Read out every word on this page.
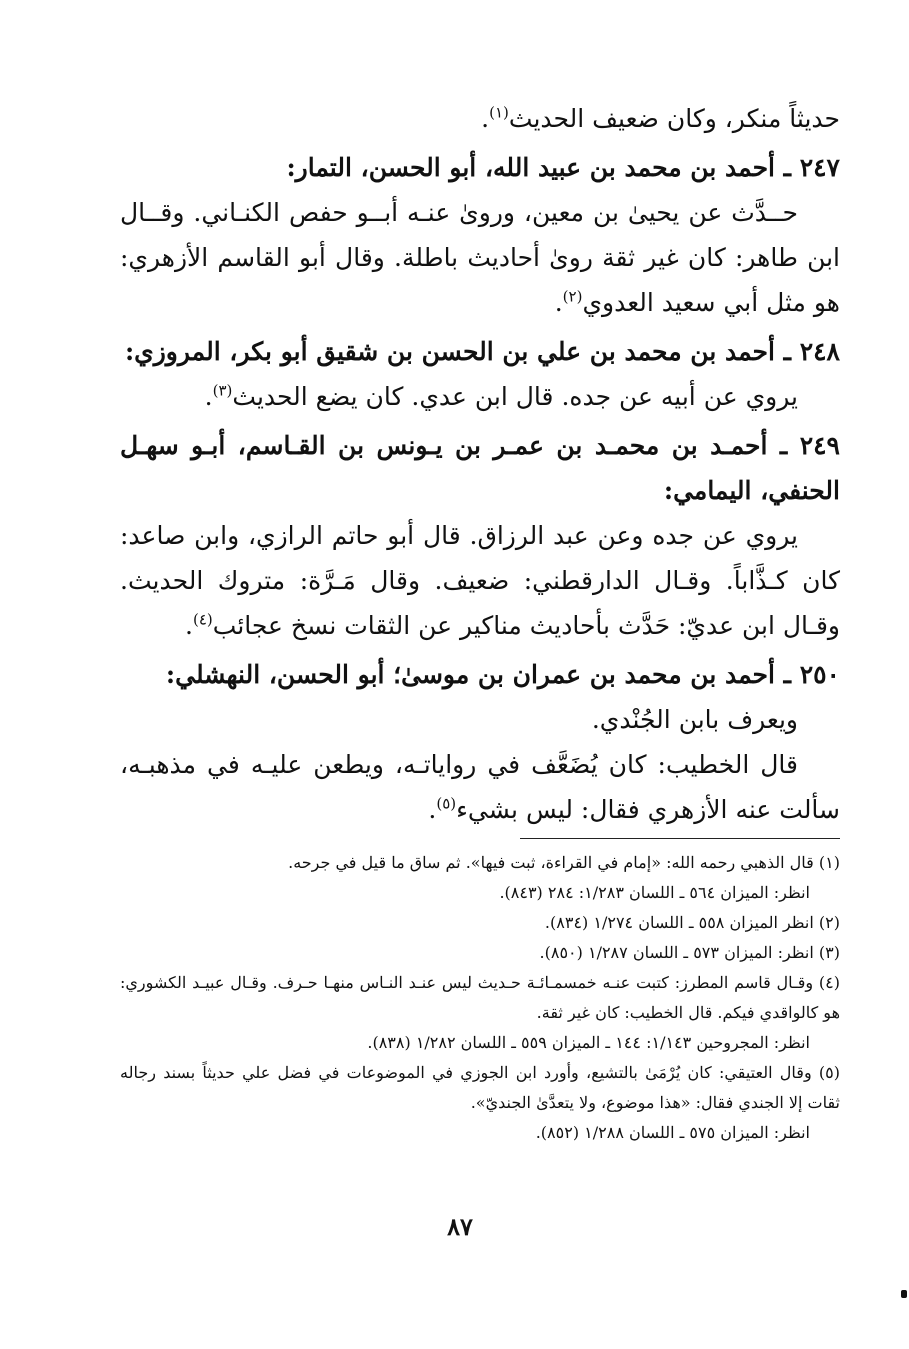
حديثاً منكر، وكان ضعيف الحديث$^{(١)}$.

٢٤٧ ـ أحمد بن محمد بن عبيد الله، أبو الحسن، التمار:

حــدَّث عن يحيىٰ بن معين، وروىٰ عنـه أبــو حفص الكنـاني. وقــال ابن طاهر: كان غير ثقة روىٰ أحاديث باطلة. وقال أبو القاسم الأزهري: هو مثل أبي سعيد العدوي$^{(٢)}$.

٢٤٨ ـ أحمد بن محمد بن علي بن الحسن بن شقيق أبو بكر، المروزي:

يروي عن أبيه عن جده. قال ابن عدي. كان يضع الحديث$^{(٣)}$.

٢٤٩ ـ أحمـد بن محمـد بن عمـر بن يـونس بن القـاسم، أبـو سهـل الحنفي، اليمامي:

يروي عن جده وعن عبد الرزاق. قال أبو حاتم الرازي، وابن صاعد: كان كـذَّاباً. وقـال الدارقطني: ضعيف. وقال مَـرَّة: متروك الحديث. وقـال ابن عديّ: حَدَّث بأحاديث مناكير عن الثقات نسخ عجائب$^{(٤)}$.

٢٥٠ ـ أحمد بن محمد بن عمران بن موسىٰ؛ أبو الحسن، النهشلي:

ويعرف بابن الجُنْدي.

قال الخطيب: كان يُضَعَّف في رواياتـه، ويطعن عليـه في مذهبـه، سألت عنه الأزهري فقال: ليس بشيء$^{(٥)}$.

(١) قال الذهبي رحمه الله: «إمام في القراءة، ثبت فيها». ثم ساق ما قيل في جرحه.

انظر: الميزان ٥٦٤ ـ اللسان ١/٢٨٣: ٢٨٤ (٨٤٣).

(٢) انظر الميزان ٥٥٨ ـ اللسان ١/٢٧٤ (٨٣٤).

(٣) انظر: الميزان ٥٧٣ ـ اللسان ١/٢٨٧ (٨٥٠).

(٤) وقـال قاسم المطرز: كتبت عنـه خمسمـائـة حـديث ليس عنـد النـاس منهـا حـرف. وقـال عبيـد الكشوري: هو كالواقدي فيكم. قال الخطيب: كان غير ثقة.

انظر: المجروحين ١/١٤٣: ١٤٤ ـ الميزان ٥٥٩ ـ اللسان ١/٢٨٢ (٨٣٨).

(٥) وقال العتيقي: كان يُرْمَىٰ بالتشيع، وأورد ابن الجوزي في الموضوعات في فضل علي حديثاً بسند رجاله ثقات إلا الجندي فقال: «هذا موضوع، ولا يتعدَّىٰ الجنديّ».

انظر: الميزان ٥٧٥ ـ اللسان ١/٢٨٨ (٨٥٢).

٨٧
